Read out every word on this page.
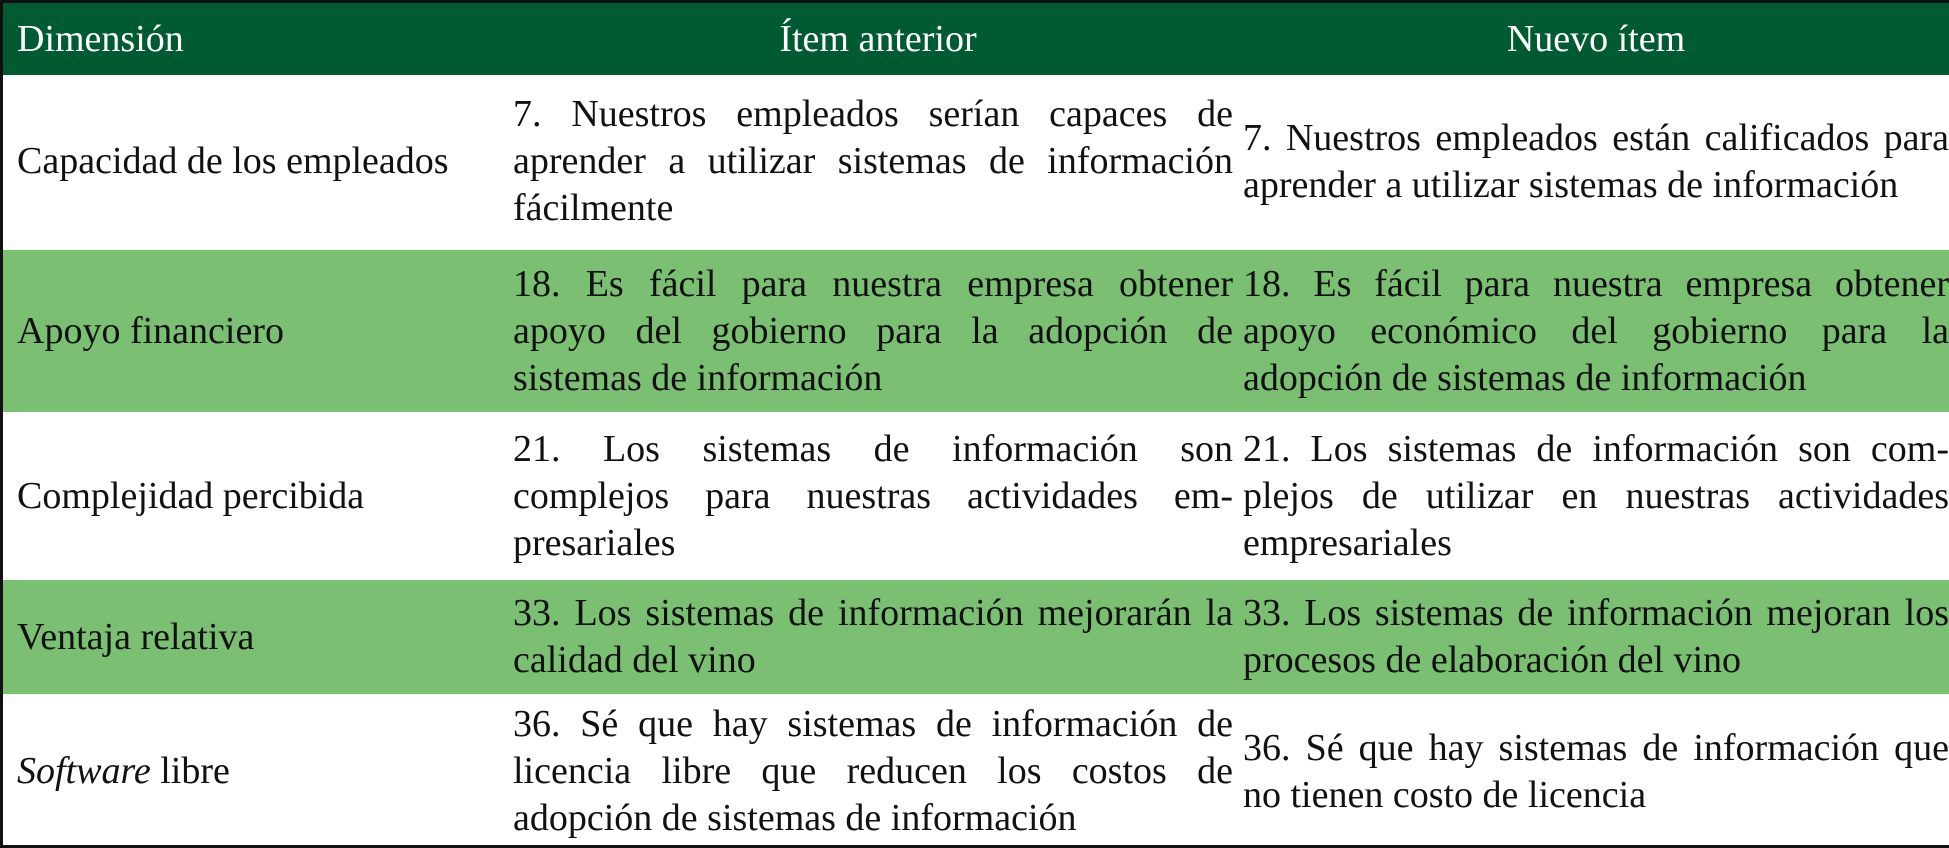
Dimensión	Ítem anterior	Nuevo ítem
Capacidad de los empleados	7. Nuestros empleados serían capaces de aprender a utilizar sistemas de información fácilmente	7. Nuestros empleados están calificados para aprender a utilizar sistemas de información
Apoyo financiero	18. Es fácil para nuestra empresa obtener apoyo del gobierno para la adopción de sistemas de información	18. Es fácil para nuestra empresa obtener apoyo económico del gobierno para la adopción de sistemas de información
Complejidad percibida	21. Los sistemas de información son complejos para nuestras actividades empresariales	21. Los sistemas de información son complejos de utilizar en nuestras actividades empresariales
Ventaja relativa	33. Los sistemas de información mejorarán la calidad del vino	33. Los sistemas de información mejoran los procesos de elaboración del vino
Software libre	36. Sé que hay sistemas de información de licencia libre que reducen los costos de adopción de sistemas de información	36. Sé que hay sistemas de información que no tienen costo de licencia
